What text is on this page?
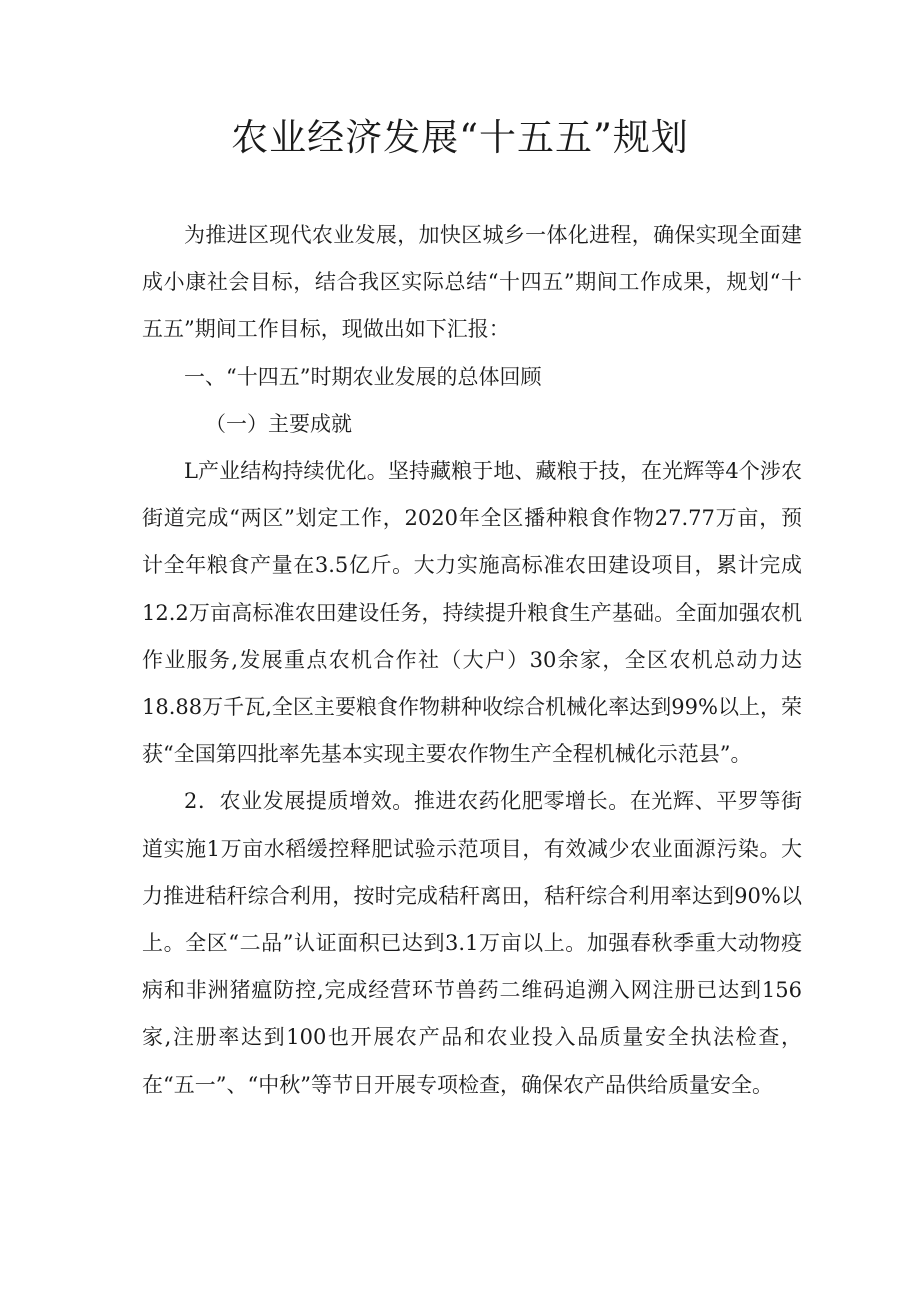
农业经济发展“十五五”规划

为推进区现代农业发展，加快区城乡一体化进程，确保实现全面建成小康社会目标，结合我区实际总结“十四五”期间工作成果，规划“十五五”期间工作目标，现做出如下汇报：

一、“十四五”时期农业发展的总体回顾

（一）主要成就

L产业结构持续优化。坚持藏粮于地、藏粮于技，在光辉等4个涉农街道完成“两区”划定工作，2020年全区播种粮食作物27.77万亩，预计全年粮食产量在3.5亿斤。大力实施高标准农田建设项目，累计完成12.2万亩高标准农田建设任务，持续提升粮食生产基础。全面加强农机作业服务,发展重点农机合作社（大户）30余家，全区农机总动力达18.88万千瓦,全区主要粮食作物耕种收综合机械化率达到99%以上，荣获“全国第四批率先基本实现主要农作物生产全程机械化示范县”。

2．农业发展提质增效。推进农药化肥零增长。在光辉、平罗等街道实施1万亩水稻缓控释肥试验示范项目，有效减少农业面源污染。大力推进秸秆综合利用，按时完成秸秆离田，秸秆综合利用率达到90%以上。全区“二品”认证面积已达到3.1万亩以上。加强春秋季重大动物疫病和非洲猪瘟防控,完成经营环节兽药二维码追溯入网注册已达到156家,注册率达到100也开展农产品和农业投入品质量安全执法检查，在“五一”、“中秋”等节日开展专项检查，确保农产品供给质量安全。
